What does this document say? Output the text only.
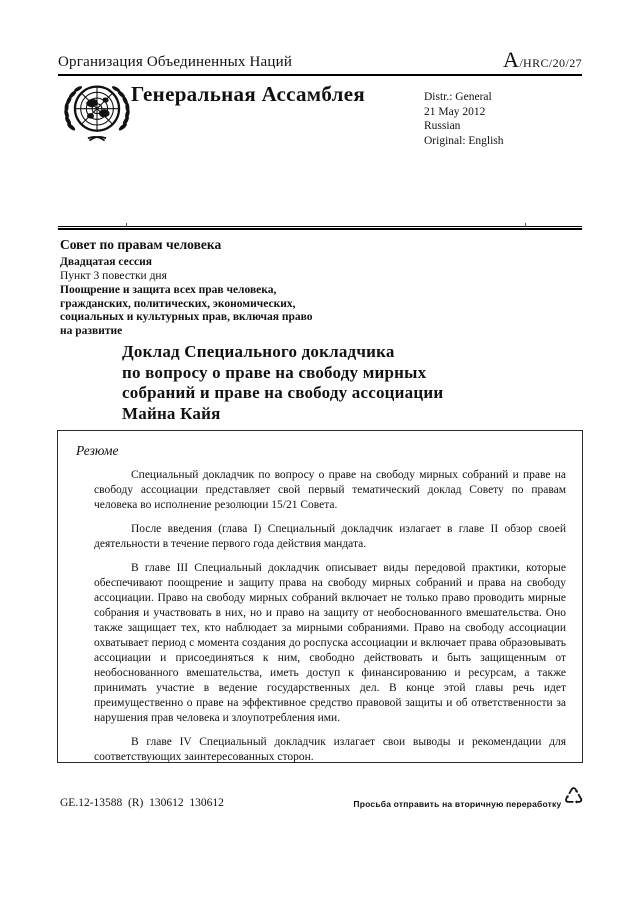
Организация Объединенных Наций	A/HRC/20/27
Генеральная Ассамблея	Distr.: General
21 May 2012
Russian
Original: English
Совет по правам человека
Двадцатая сессия
Пункт 3 повестки дня
Поощрение и защита всех прав человека,
гражданских, политических, экономических,
социальных и культурных прав, включая право
на развитие
Доклад Специального докладчика
по вопросу о праве на свободу мирных
собраний и праве на свободу ассоциации
Майна Кайя
Резюме

Специальный докладчик по вопросу о праве на свободу мирных собраний и праве на свободу ассоциации представляет свой первый тематический доклад Совету по правам человека во исполнение резолюции 15/21 Совета.

После введения (глава I) Специальный докладчик излагает в главе II обзор своей деятельности в течение первого года действия мандата.

В главе III Специальный докладчик описывает виды передовой практики, которые обеспечивают поощрение и защиту права на свободу мирных собраний и права на свободу ассоциации. Право на свободу мирных собраний включает не только право проводить мирные собрания и участвовать в них, но и право на защиту от необоснованного вмешательства. Оно также защищает тех, кто наблюдает за мирными собраниями. Право на свободу ассоциации охватывает период с момента создания до роспуска ассоциации и включает права образовывать ассоциации и присоединяться к ним, свободно действовать и быть защищенным от необоснованного вмешательства, иметь доступ к финансированию и ресурсам, а также принимать участие в ведение государственных дел. В конце этой главы речь идет преимущественно о праве на эффективное средство правовой защиты и об ответственности за нарушения прав человека и злоупотребления ими.

В главе IV Специальный докладчик излагает свои выводы и рекомендации для соответствующих заинтересованных сторон.

GE.12-13588  (R)  130612  130612	Просьба отправить на вторичную переработку ♺
